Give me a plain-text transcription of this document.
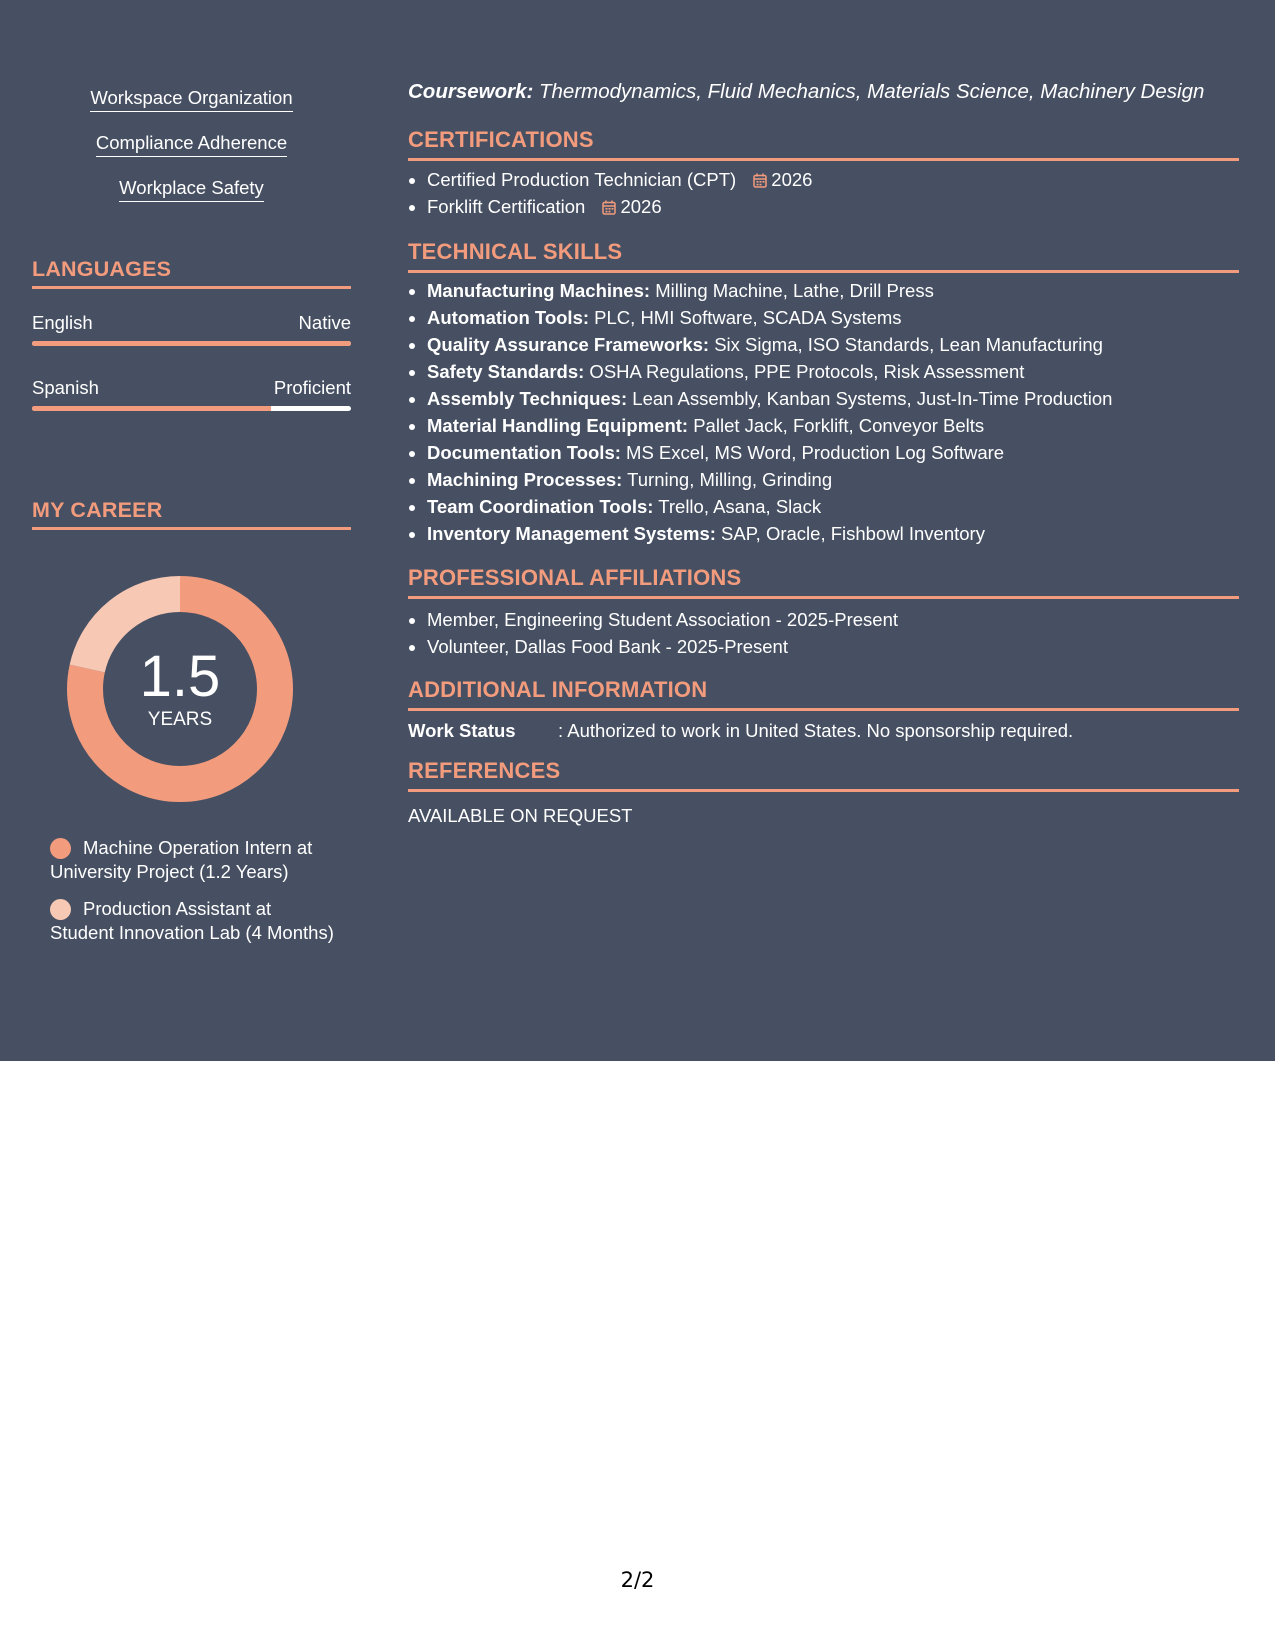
Workspace Organization
Compliance Adherence
Workplace Safety
LANGUAGES
English	Native
Spanish	Proficient
MY CAREER
1.5
YEARS
Machine Operation Intern at University Project (1.2 Years)
Production Assistant at Student Innovation Lab (4 Months)
Coursework: Thermodynamics, Fluid Mechanics, Materials Science, Machinery Design
CERTIFICATIONS
• Certified Production Technician (CPT) 2026
• Forklift Certification 2026
TECHNICAL SKILLS
• Manufacturing Machines: Milling Machine, Lathe, Drill Press
• Automation Tools: PLC, HMI Software, SCADA Systems
• Quality Assurance Frameworks: Six Sigma, ISO Standards, Lean Manufacturing
• Safety Standards: OSHA Regulations, PPE Protocols, Risk Assessment
• Assembly Techniques: Lean Assembly, Kanban Systems, Just-In-Time Production
• Material Handling Equipment: Pallet Jack, Forklift, Conveyor Belts
• Documentation Tools: MS Excel, MS Word, Production Log Software
• Machining Processes: Turning, Milling, Grinding
• Team Coordination Tools: Trello, Asana, Slack
• Inventory Management Systems: SAP, Oracle, Fishbowl Inventory
PROFESSIONAL AFFILIATIONS
• Member, Engineering Student Association - 2025-Present
• Volunteer, Dallas Food Bank - 2025-Present
ADDITIONAL INFORMATION
Work Status	: Authorized to work in United States. No sponsorship required.
REFERENCES
AVAILABLE ON REQUEST
2/2
